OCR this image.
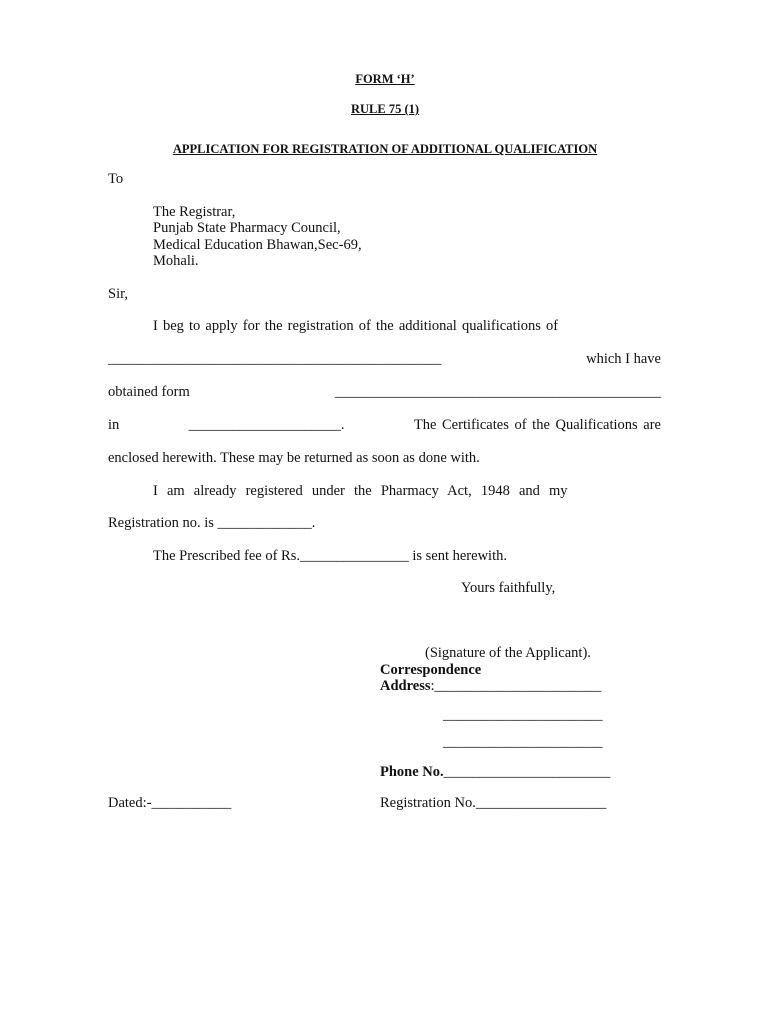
FORM ‘H’
RULE 75 (1)
APPLICATION FOR REGISTRATION OF ADDITIONAL QUALIFICATION
To
The Registrar,
Punjab State Pharmacy Council,
Medical Education Bhawan,Sec-69,
Mohali.
Sir,
I beg to apply for the registration of the additional qualifications of
______________________________________________	which I have
obtained form	_____________________________________________
in	_____________________.	The Certificates of the Qualifications are
enclosed herewith. These may be returned as soon as done with.
I am already registered under the Pharmacy Act, 1948 and my
Registration no. is _____________.
The Prescribed fee of Rs._______________ is sent herewith.
Yours faithfully,
(Signature of the Applicant).
Correspondence
Address:_______________________
______________________
______________________
Phone No._______________________
Dated:-___________	Registration No.__________________
